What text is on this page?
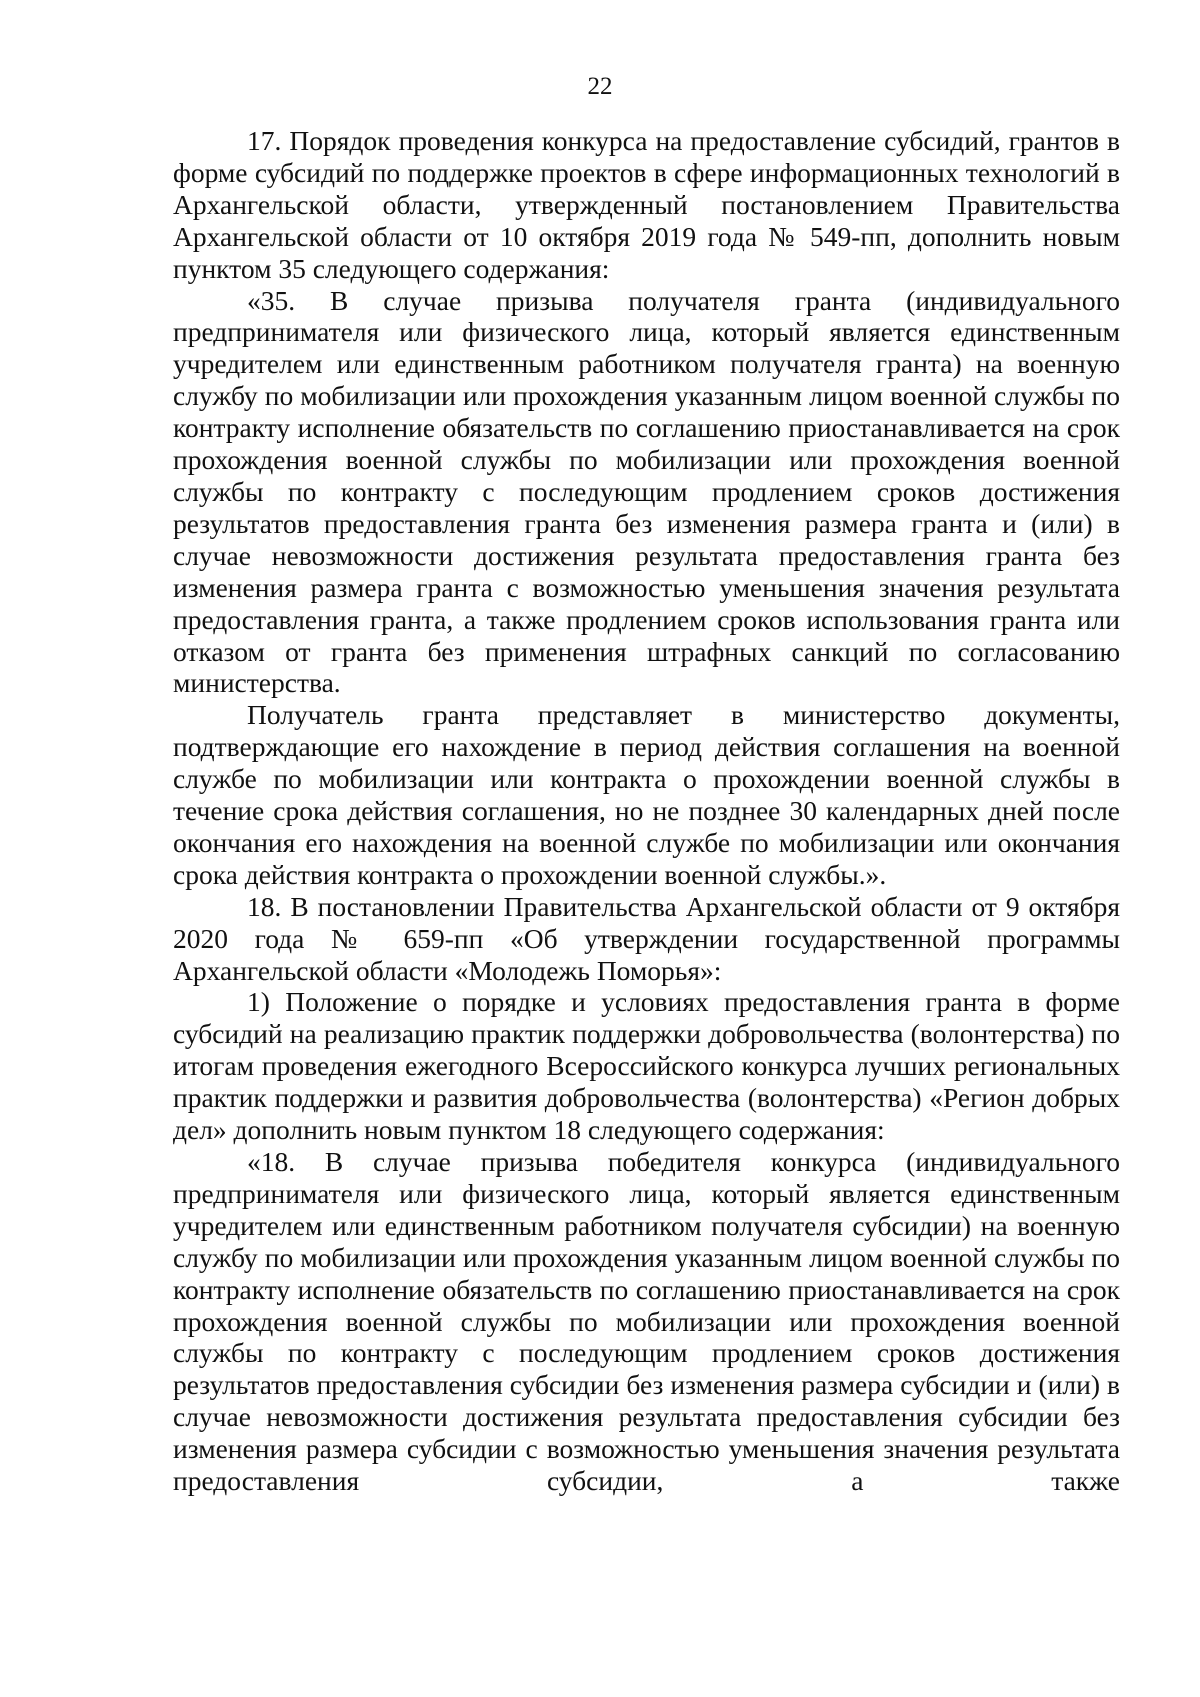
22

17. Порядок проведения конкурса на предоставление субсидий, грантов в форме субсидий по поддержке проектов в сфере информационных технологий в Архангельской области, утвержденный постановлением Правительства Архангельской области от 10 октября 2019 года № 549-пп, дополнить новым пунктом 35 следующего содержания:

«35. В случае призыва получателя гранта (индивидуального предпринимателя или физического лица, который является единственным учредителем или единственным работником получателя гранта) на военную службу по мобилизации или прохождения указанным лицом военной службы по контракту исполнение обязательств по соглашению приостанавливается на срок прохождения военной службы по мобилизации или прохождения военной службы по контракту с последующим продлением сроков достижения результатов предоставления гранта без изменения размера гранта и (или) в случае невозможности достижения результата предоставления гранта без изменения размера гранта с возможностью уменьшения значения результата предоставления гранта, а также продлением сроков использования гранта или отказом от гранта без применения штрафных санкций по согласованию министерства.

Получатель гранта представляет в министерство документы, подтверждающие его нахождение в период действия соглашения на военной службе по мобилизации или контракта о прохождении военной службы в течение срока действия соглашения, но не позднее 30 календарных дней после окончания его нахождения на военной службе по мобилизации или окончания срока действия контракта о прохождении военной службы.».

18. В постановлении Правительства Архангельской области от 9 октября 2020 года № 659-пп «Об утверждении государственной программы Архангельской области «Молодежь Поморья»:

1) Положение о порядке и условиях предоставления гранта в форме субсидий на реализацию практик поддержки добровольчества (волонтерства) по итогам проведения ежегодного Всероссийского конкурса лучших региональных практик поддержки и развития добровольчества (волонтерства) «Регион добрых дел» дополнить новым пунктом 18 следующего содержания:

«18. В случае призыва победителя конкурса (индивидуального предпринимателя или физического лица, который является единственным учредителем или единственным работником получателя субсидии) на военную службу по мобилизации или прохождения указанным лицом военной службы по контракту исполнение обязательств по соглашению приостанавливается на срок прохождения военной службы по мобилизации или прохождения военной службы по контракту с последующим продлением сроков достижения результатов предоставления субсидии без изменения размера субсидии и (или) в случае невозможности достижения результата предоставления субсидии без изменения размера субсидии с возможностью уменьшения значения результата предоставления субсидии, а также
